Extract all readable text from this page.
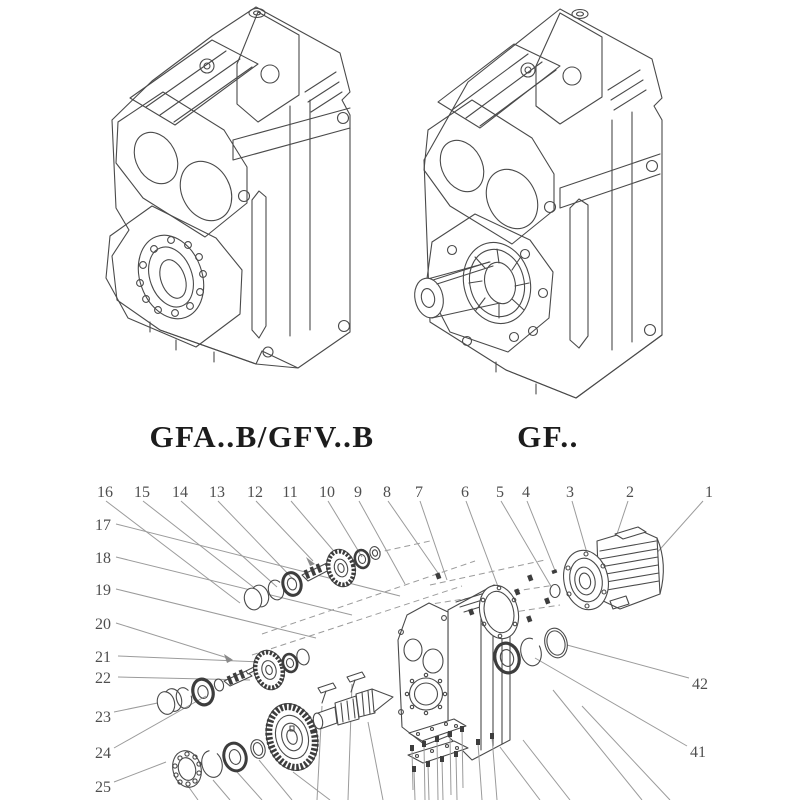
GFA..B/GFV..B	GF..
1
2
3
4
5
6
7
8
9
10
11
12
13
14
15
16
17
18
19
20
21
22
23
24
25
42
41
